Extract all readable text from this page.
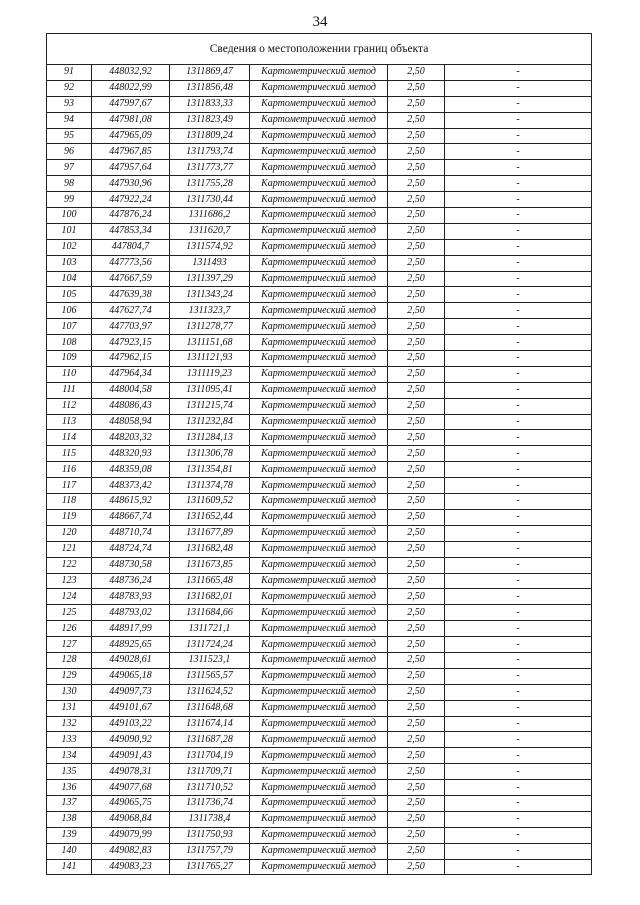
34
Сведения о местоположении границ объекта					
91	448032,92	1311869,47	Картометрический метод	2,50	-
92	448022,99	1311856,48	Картометрический метод	2,50	-
93	447997,67	1311833,33	Картометрический метод	2,50	-
94	447981,08	1311823,49	Картометрический метод	2,50	-
95	447965,09	1311809,24	Картометрический метод	2,50	-
96	447967,85	1311793,74	Картометрический метод	2,50	-
97	447957,64	1311773,77	Картометрический метод	2,50	-
98	447930,96	1311755,28	Картометрический метод	2,50	-
99	447922,24	1311730,44	Картометрический метод	2,50	-
100	447876,24	1311686,2	Картометрический метод	2,50	-
101	447853,34	1311620,7	Картометрический метод	2,50	-
102	447804,7	1311574,92	Картометрический метод	2,50	-
103	447773,56	1311493	Картометрический метод	2,50	-
104	447667,59	1311397,29	Картометрический метод	2,50	-
105	447639,38	1311343,24	Картометрический метод	2,50	-
106	447627,74	1311323,7	Картометрический метод	2,50	-
107	447703,97	1311278,77	Картометрический метод	2,50	-
108	447923,15	1311151,68	Картометрический метод	2,50	-
109	447962,15	1311121,93	Картометрический метод	2,50	-
110	447964,34	1311119,23	Картометрический метод	2,50	-
111	448004,58	1311095,41	Картометрический метод	2,50	-
112	448086,43	1311215,74	Картометрический метод	2,50	-
113	448058,94	1311232,84	Картометрический метод	2,50	-
114	448203,32	1311284,13	Картометрический метод	2,50	-
115	448320,93	1311306,78	Картометрический метод	2,50	-
116	448359,08	1311354,81	Картометрический метод	2,50	-
117	448373,42	1311374,78	Картометрический метод	2,50	-
118	448615,92	1311609,52	Картометрический метод	2,50	-
119	448667,74	1311652,44	Картометрический метод	2,50	-
120	448710,74	1311677,89	Картометрический метод	2,50	-
121	448724,74	1311682,48	Картометрический метод	2,50	-
122	448730,58	1311673,85	Картометрический метод	2,50	-
123	448736,24	1311665,48	Картометрический метод	2,50	-
124	448783,93	1311682,01	Картометрический метод	2,50	-
125	448793,02	1311684,66	Картометрический метод	2,50	-
126	448917,99	1311721,1	Картометрический метод	2,50	-
127	448925,65	1311724,24	Картометрический метод	2,50	-
128	449028,61	1311523,1	Картометрический метод	2,50	-
129	449065,18	1311565,57	Картометрический метод	2,50	-
130	449097,73	1311624,52	Картометрический метод	2,50	-
131	449101,67	1311648,68	Картометрический метод	2,50	-
132	449103,22	1311674,14	Картометрический метод	2,50	-
133	449090,92	1311687,28	Картометрический метод	2,50	-
134	449091,43	1311704,19	Картометрический метод	2,50	-
135	449078,31	1311709,71	Картометрический метод	2,50	-
136	449077,68	1311710,52	Картометрический метод	2,50	-
137	449065,75	1311736,74	Картометрический метод	2,50	-
138	449068,84	1311738,4	Картометрический метод	2,50	-
139	449079,99	1311750,93	Картометрический метод	2,50	-
140	449082,83	1311757,79	Картометрический метод	2,50	-
141	449083,23	1311765,27	Картометрический метод	2,50	-
